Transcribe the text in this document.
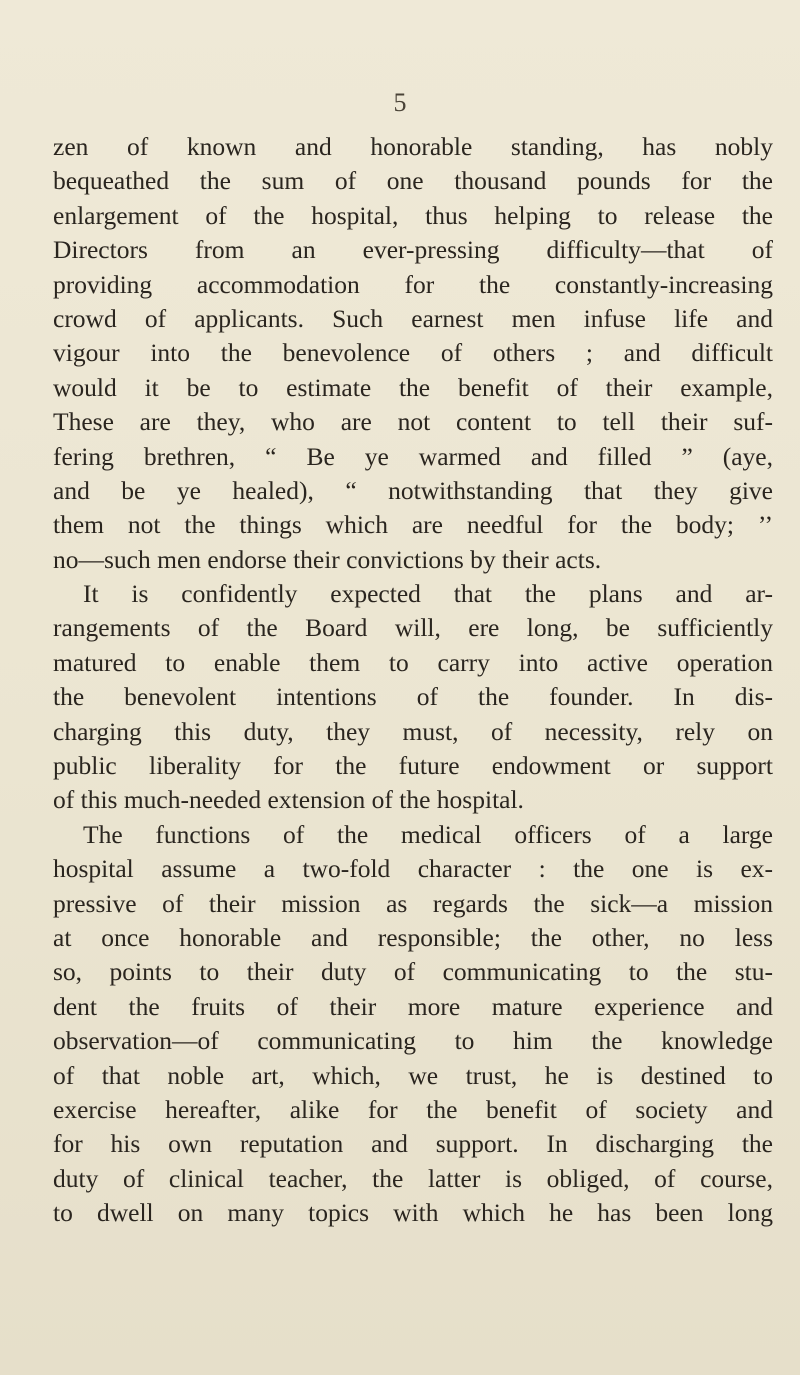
5
zen of known and honorable standing, has nobly
bequeathed the sum of one thousand pounds for the
enlargement of the hospital, thus helping to release the
Directors from an ever-pressing difficulty—that of
providing accommodation for the constantly-increasing
crowd of applicants. Such earnest men infuse life and
vigour into the benevolence of others ; and difficult
would it be to estimate the benefit of their example,
These are they, who are not content to tell their suf-
fering brethren, “ Be ye warmed and filled ” (aye,
and be ye healed), “ notwithstanding that they give
them not the things which are needful for the body; ’’
no—such men endorse their convictions by their acts.
It is confidently expected that the plans and ar-
rangements of the Board will, ere long, be sufficiently
matured to enable them to carry into active operation
the benevolent intentions of the founder. In dis-
charging this duty, they must, of necessity, rely on
public liberality for the future endowment or support
of this much-needed extension of the hospital.
The functions of the medical officers of a large
hospital assume a two-fold character : the one is ex-
pressive of their mission as regards the sick—a mission
at once honorable and responsible; the other, no less
so, points to their duty of communicating to the stu-
dent the fruits of their more mature experience and
observation—of communicating to him the knowledge
of that noble art, which, we trust, he is destined to
exercise hereafter, alike for the benefit of society and
for his own reputation and support. In discharging the
duty of clinical teacher, the latter is obliged, of course,
to dwell on many topics with which he has been long
